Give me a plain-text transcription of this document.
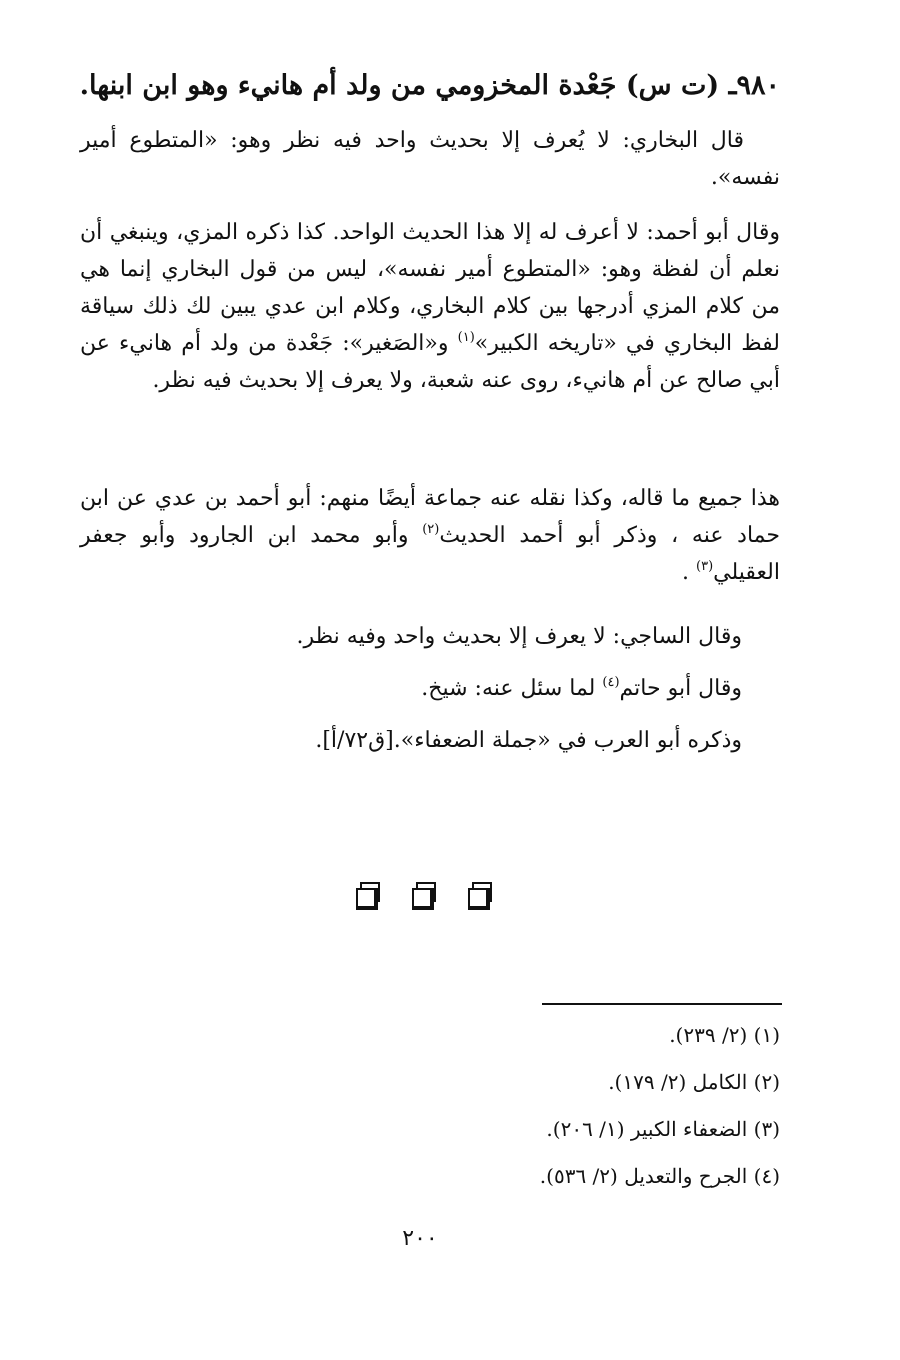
٩٨٠ـ (ت س) جَعْدة المخزومي من ولد أم هانيء وهو ابن ابنها.
قال البخاري: لا يُعرف إلا بحديث واحد فيه نظر وهو: «المتطوع أمير نفسه».
وقال أبو أحمد: لا أعرف له إلا هذا الحديث الواحد. كذا ذكره المزي، وينبغي أن نعلم أن لفظة وهو: «المتطوع أمير نفسه»، ليس من قول البخاري إنما هي من كلام المزي أدرجها بين كلام البخاري، وكلام ابن عدي يبين لك ذلك سياقة لفظ البخاري في «تاريخه الكبير»$^{(١)}$ و«الصَغير»: جَعْدة من ولد أم هانيء عن أبي صالح عن أم هانيء، روى عنه شعبة، ولا يعرف إلا بحديث فيه نظر.
هذا جميع ما قاله، وكذا نقله عنه جماعة أيضًا منهم: أبو أحمد بن عدي عن ابن حماد عنه ، وذكر أبو أحمد الحديث$^{(٢)}$ وأبو محمد ابن الجارود وأبو جعفر العقيلي$^{(٣)}$ .
وقال الساجي: لا يعرف إلا بحديث واحد وفيه نظر.
وقال أبو حاتم$^{(٤)}$ لما سئل عنه: شيخ.
وذكره أبو العرب في «جملة الضعفاء».[ق٧٢/أ].
(١) (٢/ ٢٣٩).
(٢) الكامل (٢/ ١٧٩).
(٣) الضعفاء الكبير (١/ ٢٠٦).
(٤) الجرح والتعديل (٢/ ٥٣٦).
٢٠٠
